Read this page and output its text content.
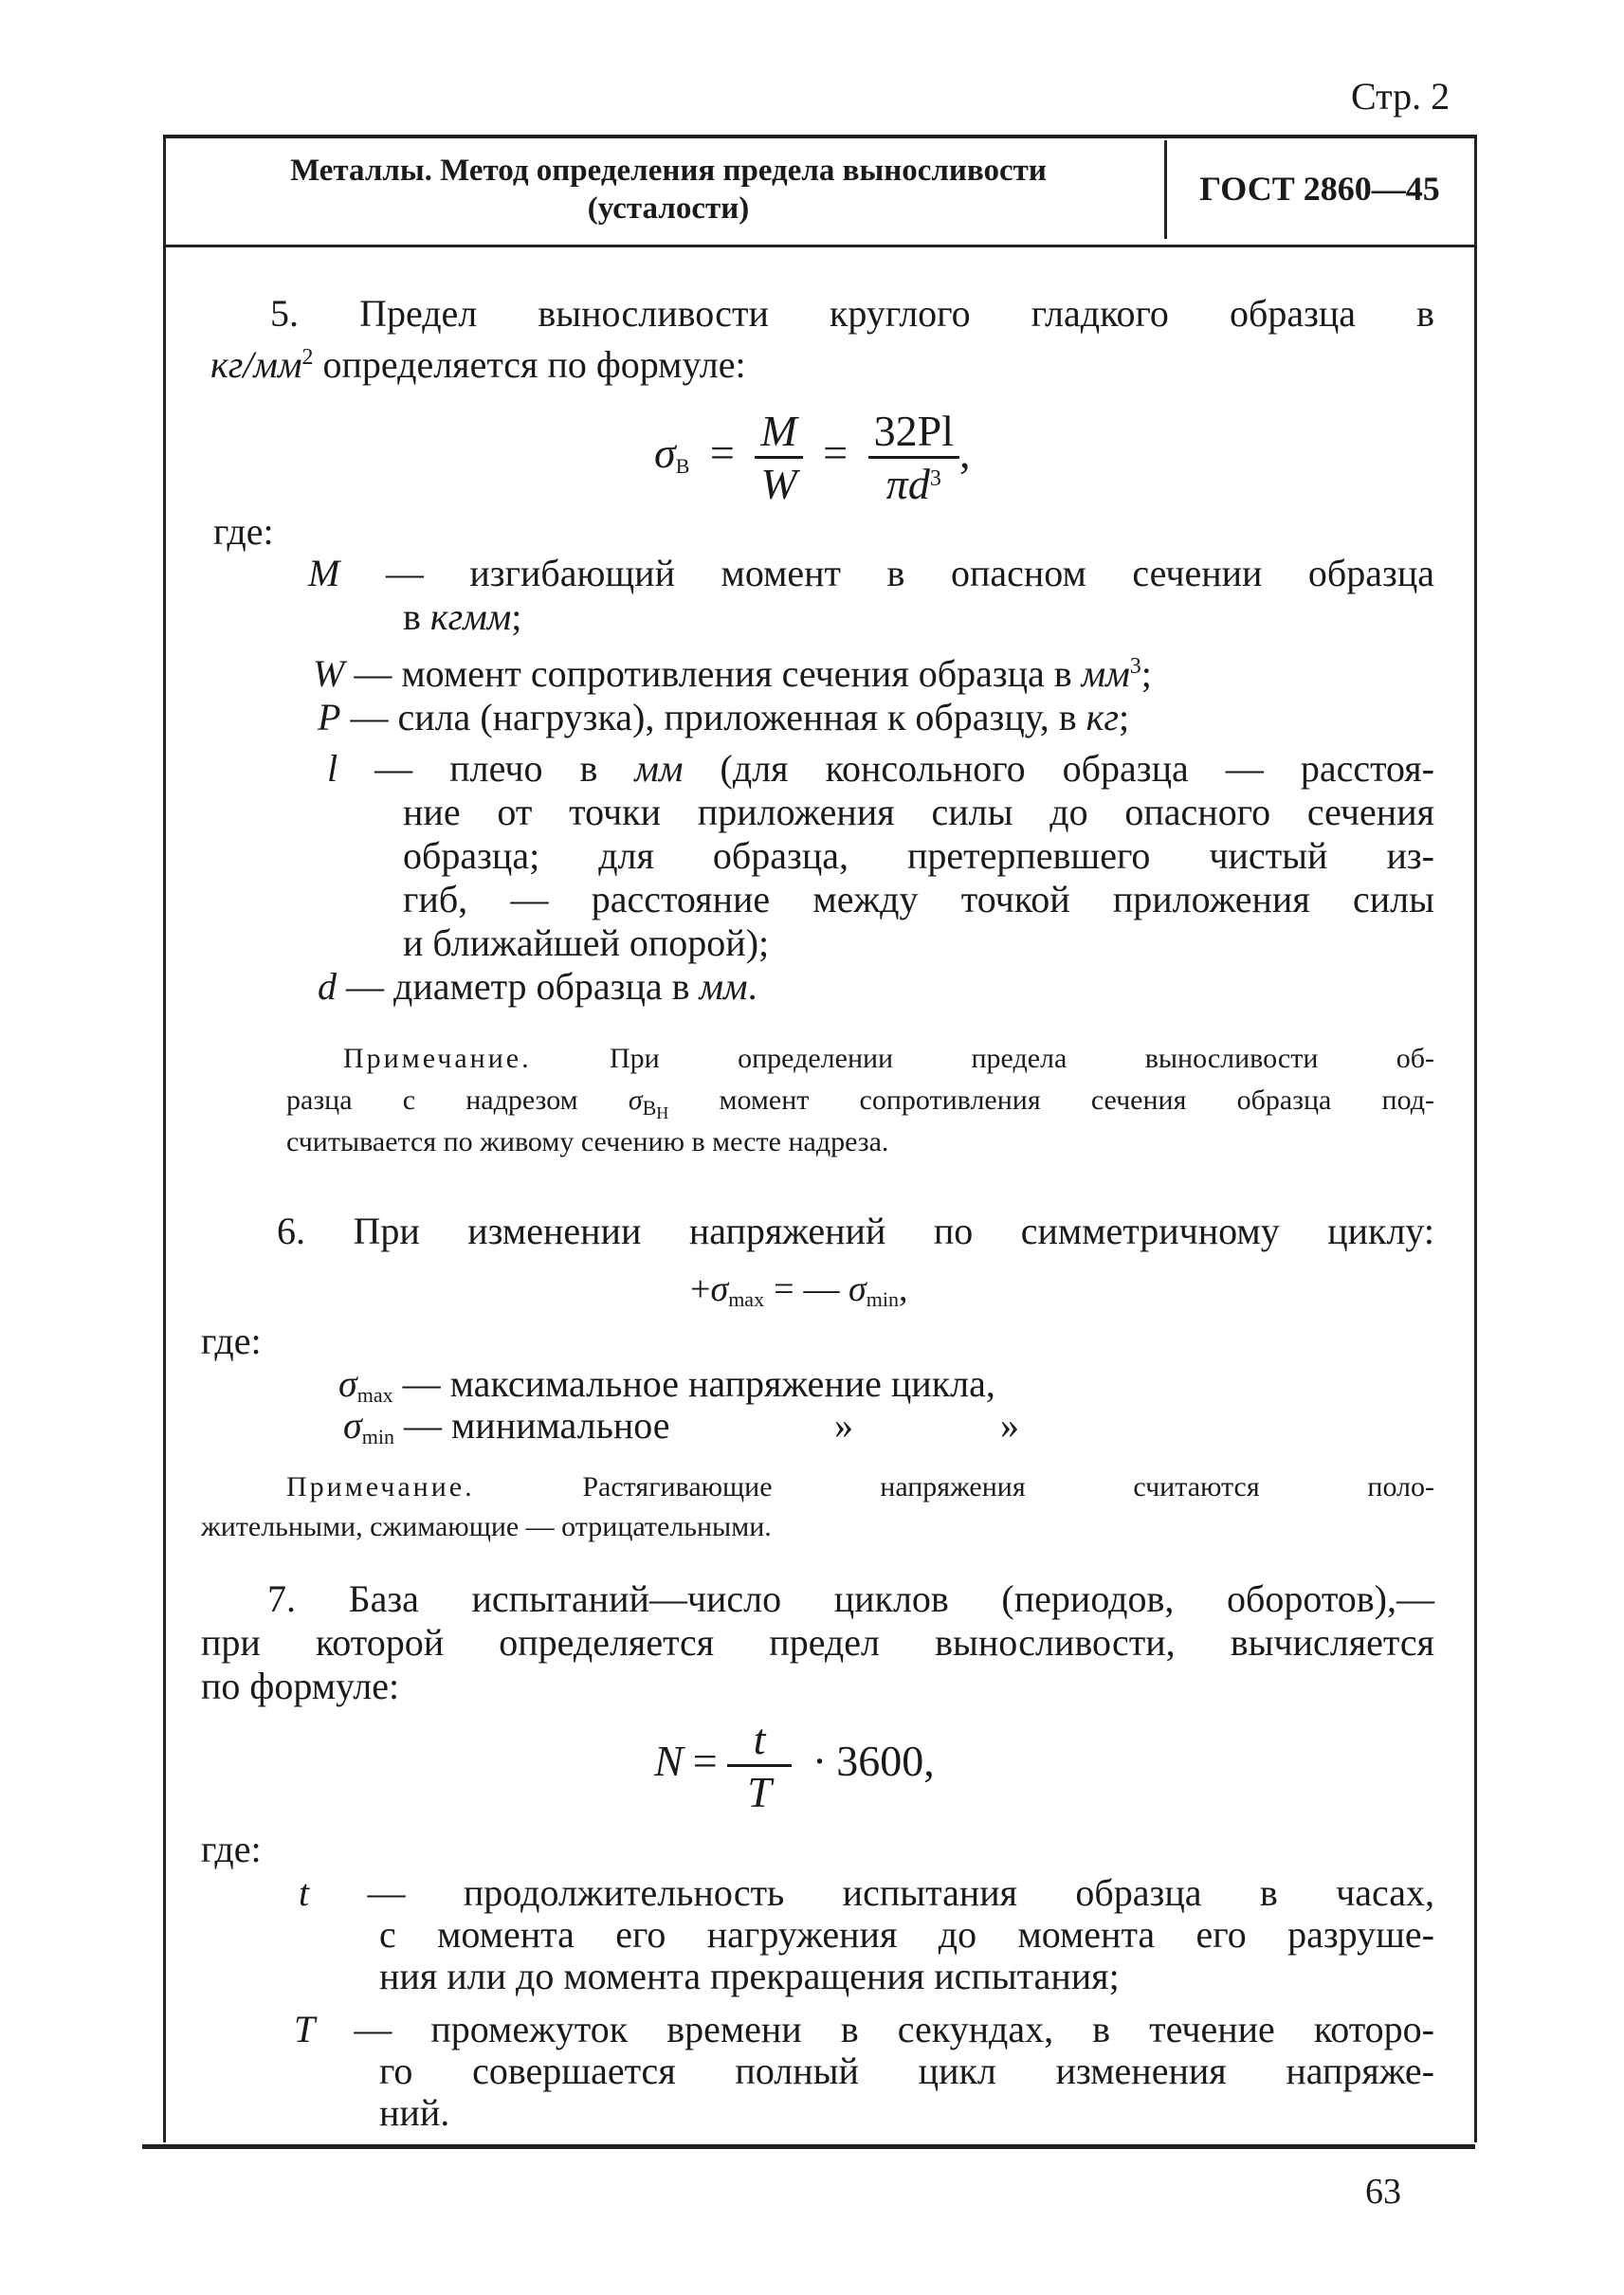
Стр. 2
Металлы. Метод определения предела выносливости
(усталости)
ГОСТ 2860—45
5. Предел выносливости круглого гладкого образца в
$кг/мм^2$ определяется по формуле:
$\sigma_В = \frac{M}{W} = \frac{32Pl}{\pi d^3}$ ,
где:
M — изгибающий момент в опасном сечении образца
в кгмм;
W — момент сопротивления сечения образца в $мм^3$;
P — сила (нагрузка), приложенная к образцу, в кг;
l — плечо в мм (для консольного образца — расстоя-
ние от точки приложения силы до опасного сечения
образца; для образца, претерпевшего чистый из-
гиб, — расстояние между точкой приложения силы
и ближайшей опорой);
d — диаметр образца в мм.
Примечание.	При определении предела выносливости об-
разца с надрезом $\sigma_{BH}$ момент сопротивления сечения образца под-
считывается по живому сечению в месте надреза.
6. При изменении напряжений по симметричному циклу:
$+\sigma_{max}$ = — $\sigma_{min}$,
где:
$\sigma_{max}$ — максимальное напряжение цикла,
$\sigma_{min}$ — минимальное	»	»
Примечание.	Растягивающие напряжения считаются поло-
жительными, сжимающие — отрицательными.
7. База испытаний—число циклов (периодов, оборотов),—
при которой определяется предел выносливости, вычисляется
по формуле:
$N = \frac{t}{T} \cdot 3600$,
где:
t — продолжительность испытания образца в часах,
с момента его нагружения до момента его разруше-
ния или до момента прекращения испытания;
T — промежуток времени в секундах, в течение которо-
го совершается полный цикл изменения напряже-
ний.
63
